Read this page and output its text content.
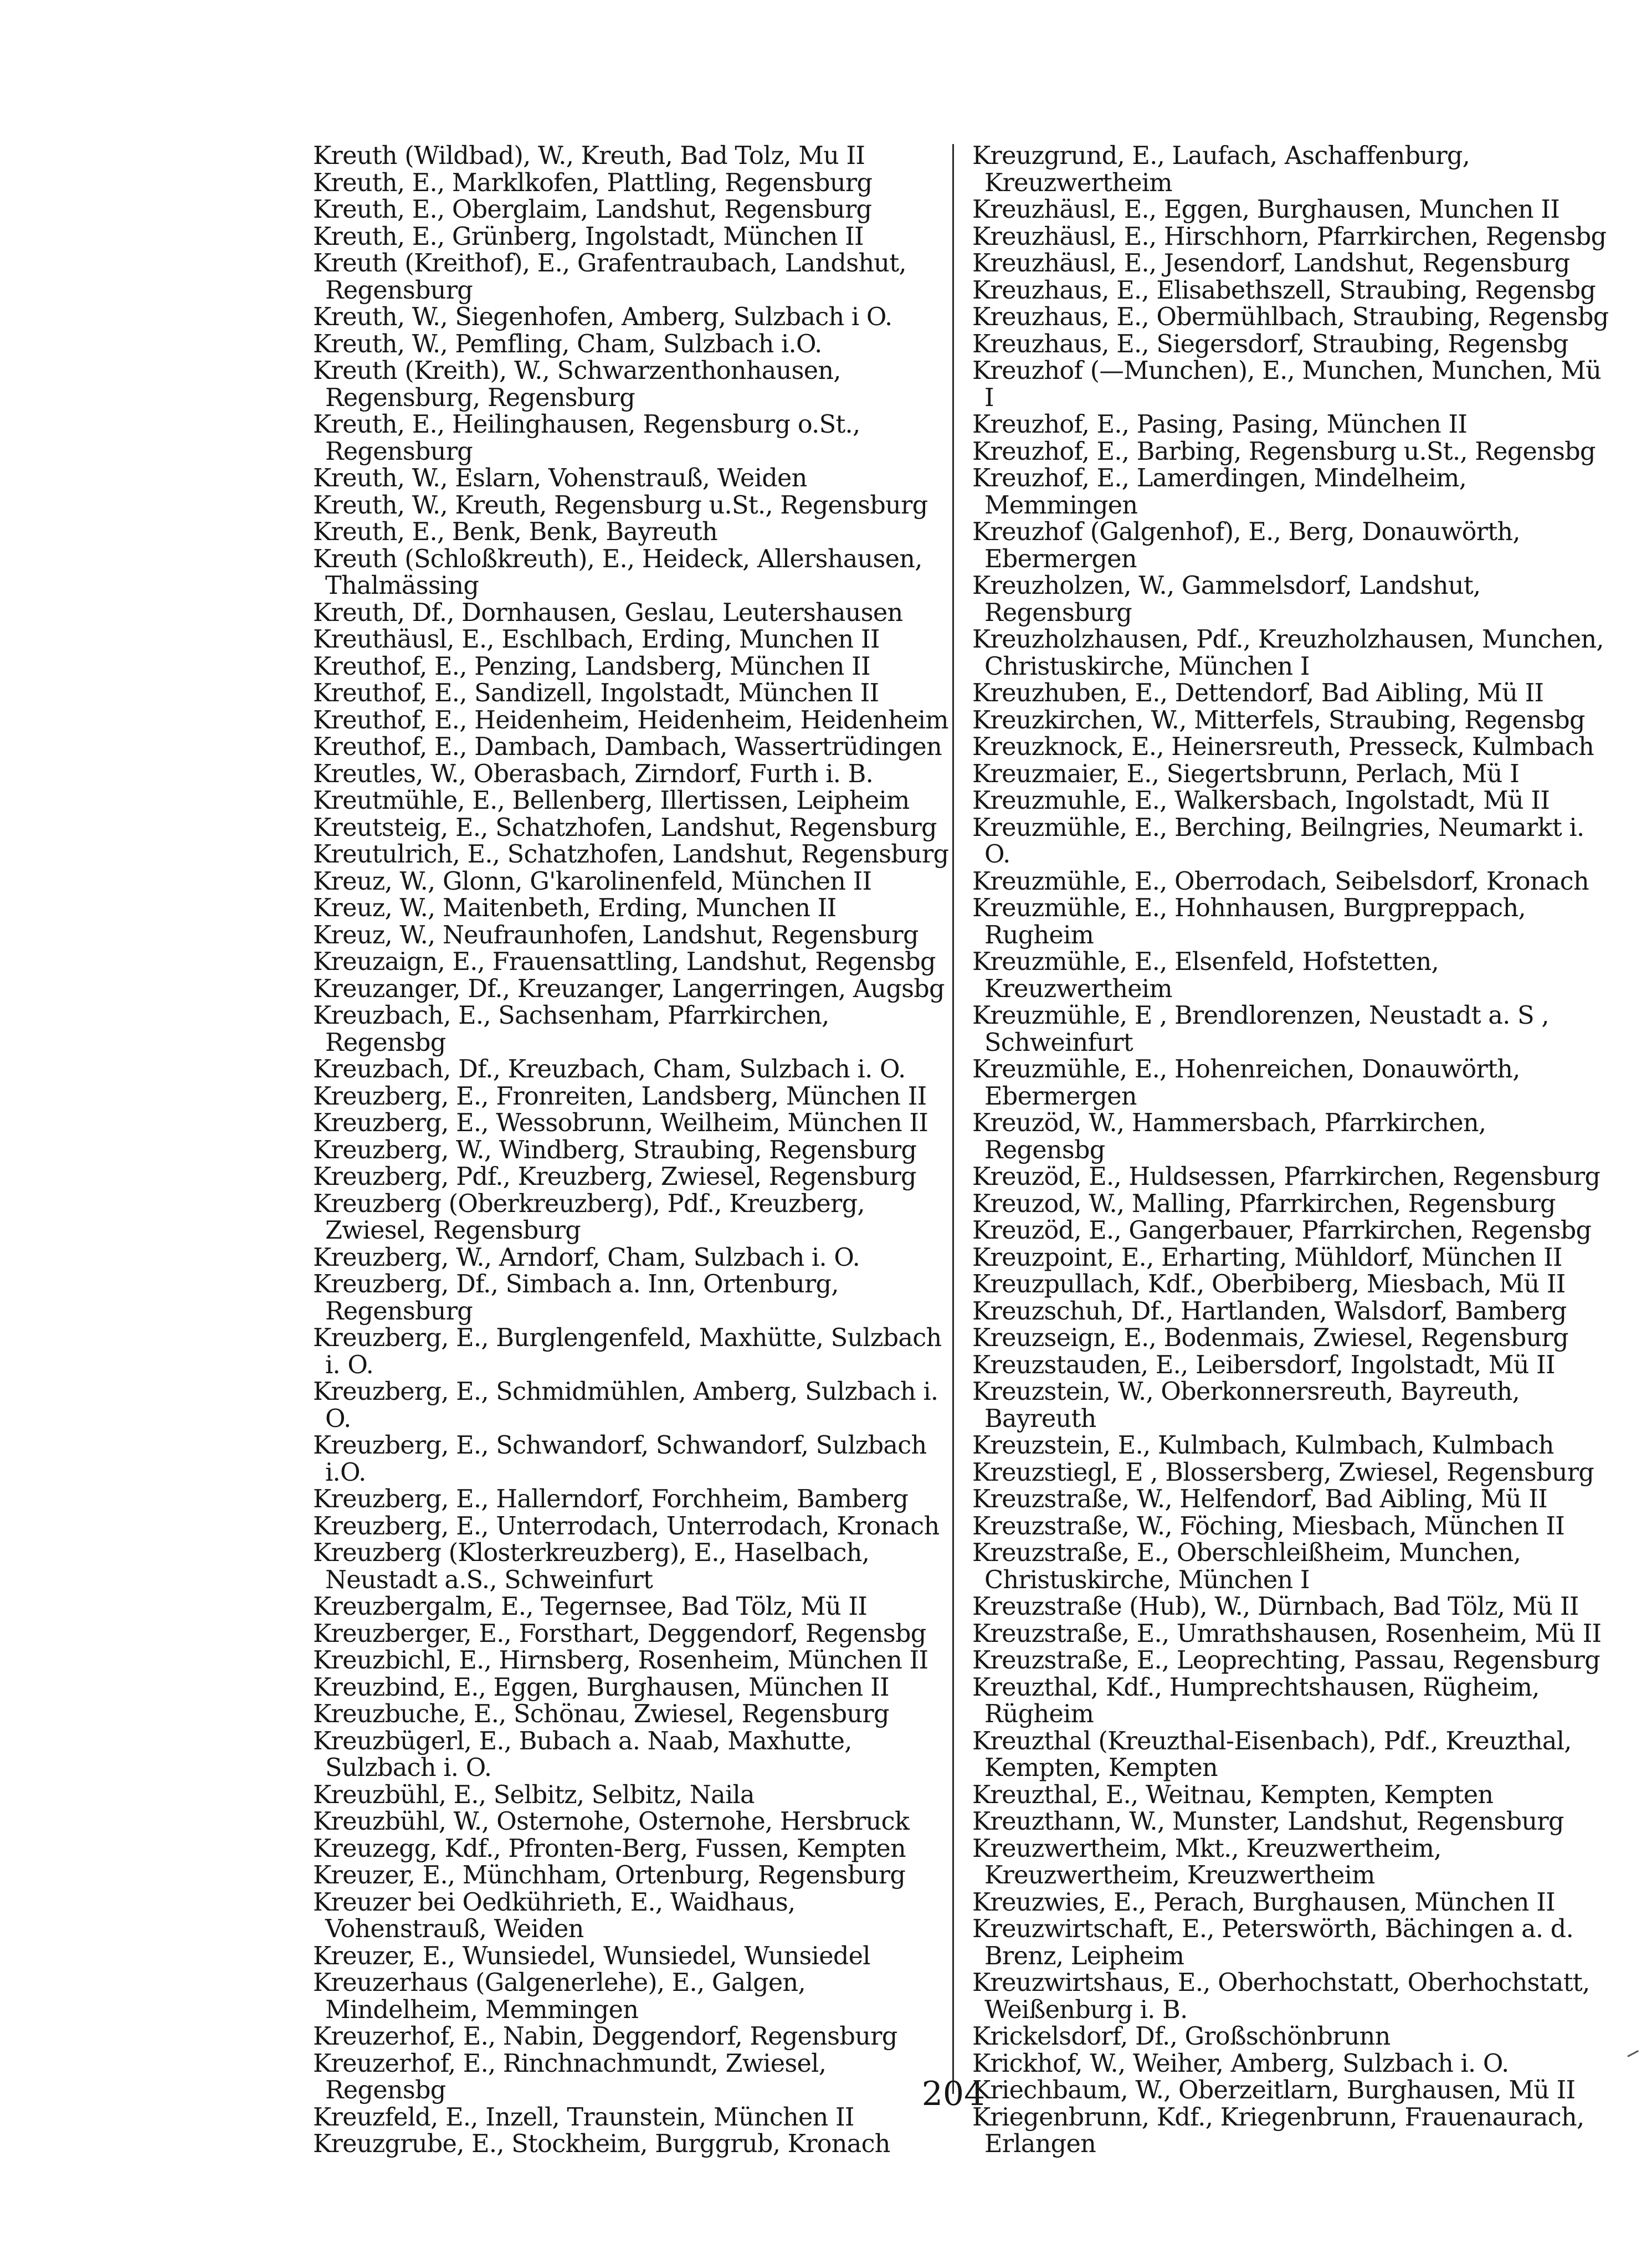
Kreuth (Wildbad), W., Kreuth, Bad Tolz, Mu II
Kreuth, E., Marklkofen, Plattling, Regensburg
Kreuth, E., Oberglaim, Landshut, Regensburg
Kreuth, E., Grünberg, Ingolstadt, München II
Kreuth (Kreithof), E., Grafentraubach, Landshut, Regensburg
Kreuth, W., Siegenhofen, Amberg, Sulzbach i O.
Kreuth, W., Pemfling, Cham, Sulzbach i.O.
Kreuth (Kreith), W., Schwarzenthonhausen, Regensburg, Regensburg
Kreuth, E., Heilinghausen, Regensburg o.St., Regensburg
Kreuth, W., Eslarn, Vohenstrauß, Weiden
Kreuth, W., Kreuth, Regensburg u.St., Regensburg
Kreuth, E., Benk, Benk, Bayreuth
Kreuth (Schloßkreuth), E., Heideck, Allershausen, Thalmässing
Kreuth, Df., Dornhausen, Geslau, Leutershausen
Kreuthäusl, E., Eschlbach, Erding, Munchen II
Kreuthof, E., Penzing, Landsberg, München II
Kreuthof, E., Sandizell, Ingolstadt, München II
Kreuthof, E., Heidenheim, Heidenheim, Heidenheim
Kreuthof, E., Dambach, Dambach, Wassertrüdingen
Kreutles, W., Oberasbach, Zirndorf, Furth i. B.
Kreutmühle, E., Bellenberg, Illertissen, Leipheim
Kreutsteig, E., Schatzhofen, Landshut, Regensburg
Kreutulrich, E., Schatzhofen, Landshut, Regensburg
Kreuz, W., Glonn, G'karolinenfeld, München II
Kreuz, W., Maitenbeth, Erding, Munchen II
Kreuz, W., Neufraunhofen, Landshut, Regensburg
Kreuzaign, E., Frauensattling, Landshut, Regensbg
Kreuzanger, Df., Kreuzanger, Langerringen, Augsbg
Kreuzbach, E., Sachsenham, Pfarrkirchen, Regensbg
Kreuzbach, Df., Kreuzbach, Cham, Sulzbach i. O.
Kreuzberg, E., Fronreiten, Landsberg, München II
Kreuzberg, E., Wessobrunn, Weilheim, München II
Kreuzberg, W., Windberg, Straubing, Regensburg
Kreuzberg, Pdf., Kreuzberg, Zwiesel, Regensburg
Kreuzberg (Oberkreuzberg), Pdf., Kreuzberg, Zwiesel, Regensburg
Kreuzberg, W., Arndorf, Cham, Sulzbach i. O.
Kreuzberg, Df., Simbach a. Inn, Ortenburg, Regensburg
Kreuzberg, E., Burglengenfeld, Maxhütte, Sulzbach i. O.
Kreuzberg, E., Schmidmühlen, Amberg, Sulzbach i. O.
Kreuzberg, E., Schwandorf, Schwandorf, Sulzbach i.O.
Kreuzberg, E., Hallerndorf, Forchheim, Bamberg
Kreuzberg, E., Unterrodach, Unterrodach, Kronach
Kreuzberg (Klosterkreuzberg), E., Haselbach, Neustadt a.S., Schweinfurt
Kreuzbergalm, E., Tegernsee, Bad Tölz, Mü II
Kreuzberger, E., Forsthart, Deggendorf, Regensbg
Kreuzbichl, E., Hirnsberg, Rosenheim, München II
Kreuzbind, E., Eggen, Burghausen, München II
Kreuzbuche, E., Schönau, Zwiesel, Regensburg
Kreuzbügerl, E., Bubach a. Naab, Maxhutte, Sulzbach i. O.
Kreuzbühl, E., Selbitz, Selbitz, Naila
Kreuzbühl, W., Osternohe, Osternohe, Hersbruck
Kreuzegg, Kdf., Pfronten-Berg, Fussen, Kempten
Kreuzer, E., Münchham, Ortenburg, Regensburg
Kreuzer bei Oedkührieth, E., Waidhaus, Vohenstrauß, Weiden
Kreuzer, E., Wunsiedel, Wunsiedel, Wunsiedel
Kreuzerhaus (Galgenerlehe), E., Galgen, Mindelheim, Memmingen
Kreuzerhof, E., Nabin, Deggendorf, Regensburg
Kreuzerhof, E., Rinchnachmundt, Zwiesel, Regensbg
Kreuzfeld, E., Inzell, Traunstein, München II
Kreuzgrube, E., Stockheim, Burggrub, Kronach
Kreuzgrund, E., Laufach, Aschaffenburg, Kreuzwertheim
Kreuzhäusl, E., Eggen, Burghausen, Munchen II
Kreuzhäusl, E., Hirschhorn, Pfarrkirchen, Regensbg
Kreuzhäusl, E., Jesendorf, Landshut, Regensburg
Kreuzhaus, E., Elisabethszell, Straubing, Regensbg
Kreuzhaus, E., Obermühlbach, Straubing, Regensbg
Kreuzhaus, E., Siegersdorf, Straubing, Regensbg
Kreuzhof (—Munchen), E., Munchen, Munchen, Mü I
Kreuzhof, E., Pasing, Pasing, München II
Kreuzhof, E., Barbing, Regensburg u.St., Regensbg
Kreuzhof, E., Lamerdingen, Mindelheim, Memmingen
Kreuzhof (Galgenhof), E., Berg, Donauwörth, Ebermergen
Kreuzholzen, W., Gammelsdorf, Landshut, Regensburg
Kreuzholzhausen, Pdf., Kreuzholzhausen, Munchen, Christuskirche, München I
Kreuzhuben, E., Dettendorf, Bad Aibling, Mü II
Kreuzkirchen, W., Mitterfels, Straubing, Regensbg
Kreuzknock, E., Heinersreuth, Presseck, Kulmbach
Kreuzmaier, E., Siegertsbrunn, Perlach, Mü I
Kreuzmuhle, E., Walkersbach, Ingolstadt, Mü II
Kreuzmühle, E., Berching, Beilngries, Neumarkt i. O.
Kreuzmühle, E., Oberrodach, Seibelsdorf, Kronach
Kreuzmühle, E., Hohnhausen, Burgpreppach, Rugheim
Kreuzmühle, E., Elsenfeld, Hofstetten, Kreuzwertheim
Kreuzmühle, E , Brendlorenzen, Neustadt a. S , Schweinfurt
Kreuzmühle, E., Hohenreichen, Donauwörth, Ebermergen
Kreuzöd, W., Hammersbach, Pfarrkirchen, Regensbg
Kreuzöd, E., Huldsessen, Pfarrkirchen, Regensburg
Kreuzod, W., Malling, Pfarrkirchen, Regensburg
Kreuzöd, E., Gangerbauer, Pfarrkirchen, Regensbg
Kreuzpoint, E., Erharting, Mühldorf, München II
Kreuzpullach, Kdf., Oberbiberg, Miesbach, Mü II
Kreuzschuh, Df., Hartlanden, Walsdorf, Bamberg
Kreuzseign, E., Bodenmais, Zwiesel, Regensburg
Kreuzstauden, E., Leibersdorf, Ingolstadt, Mü II
Kreuzstein, W., Oberkonnersreuth, Bayreuth, Bayreuth
Kreuzstein, E., Kulmbach, Kulmbach, Kulmbach
Kreuzstiegl, E , Blossersberg, Zwiesel, Regensburg
Kreuzstraße, W., Helfendorf, Bad Aibling, Mü II
Kreuzstraße, W., Föching, Miesbach, München II
Kreuzstraße, E., Oberschleißheim, Munchen, Christuskirche, München I
Kreuzstraße (Hub), W., Dürnbach, Bad Tölz, Mü II
Kreuzstraße, E., Umrathshausen, Rosenheim, Mü II
Kreuzstraße, E., Leoprechting, Passau, Regensburg
Kreuzthal, Kdf., Humprechtshausen, Rügheim, Rügheim
Kreuzthal (Kreuzthal-Eisenbach), Pdf., Kreuzthal, Kempten, Kempten
Kreuzthal, E., Weitnau, Kempten, Kempten
Kreuzthann, W., Munster, Landshut, Regensburg
Kreuzwertheim, Mkt., Kreuzwertheim, Kreuzwertheim, Kreuzwertheim
Kreuzwies, E., Perach, Burghausen, München II
Kreuzwirtschaft, E., Peterswörth, Bächingen a. d. Brenz, Leipheim
Kreuzwirtshaus, E., Oberhochstatt, Oberhochstatt, Weißenburg i. B.
Krickelsdorf, Df., Großschönbrunn
Krickhof, W., Weiher, Amberg, Sulzbach i. O.
Kriechbaum, W., Oberzeitlarn, Burghausen, Mü II
Kriegenbrunn, Kdf., Kriegenbrunn, Frauenaurach, Erlangen
204
